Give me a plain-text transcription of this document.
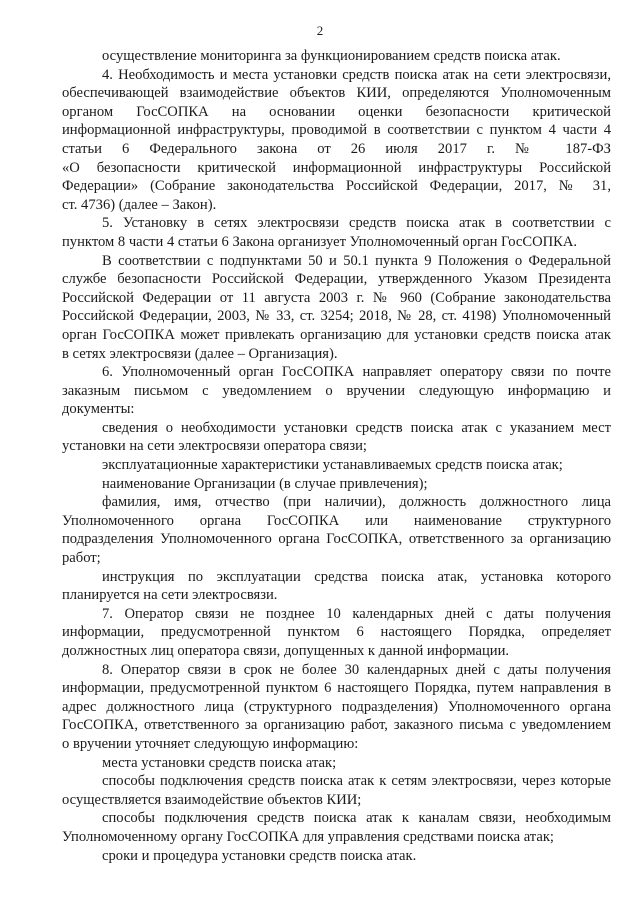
2
осуществление мониторинга за функционированием средств поиска атак.
4. Необходимость и места установки средств поиска атак на сети электросвязи,
обеспечивающей взаимодействие объектов КИИ, определяются Уполномоченным
органом ГосСОПКА на основании оценки безопасности критической
информационной инфраструктуры, проводимой в соответствии с пунктом 4 части 4
статьи 6 Федерального закона от 26 июля 2017 г. № 187-ФЗ
«О безопасности критической информационной инфраструктуры Российской
Федерации» (Собрание законодательства Российской Федерации, 2017, № 31,
ст. 4736) (далее – Закон).
5. Установку в сетях электросвязи средств поиска атак в соответствии с
пунктом 8 части 4 статьи 6 Закона организует Уполномоченный орган ГосСОПКА.
В соответствии с подпунктами 50 и 50.1 пункта 9 Положения о Федеральной
службе безопасности Российской Федерации, утвержденного Указом Президента
Российской Федерации от 11 августа 2003 г. № 960 (Собрание законодательства
Российской Федерации, 2003, № 33, ст. 3254; 2018, № 28, ст. 4198) Уполномоченный
орган ГосСОПКА может привлекать организацию для установки средств поиска атак
в сетях электросвязи (далее – Организация).
6. Уполномоченный орган ГосСОПКА направляет оператору связи по почте
заказным письмом с уведомлением о вручении следующую информацию и
документы:
сведения о необходимости установки средств поиска атак с указанием мест
установки на сети электросвязи оператора связи;
эксплуатационные характеристики устанавливаемых средств поиска атак;
наименование Организации (в случае привлечения);
фамилия, имя, отчество (при наличии), должность должностного лица
Уполномоченного органа ГосСОПКА или наименование структурного
подразделения Уполномоченного органа ГосСОПКА, ответственного за организацию
работ;
инструкция по эксплуатации средства поиска атак, установка которого
планируется на сети электросвязи.
7. Оператор связи не позднее 10 календарных дней с даты получения
информации, предусмотренной пунктом 6 настоящего Порядка, определяет
должностных лиц оператора связи, допущенных к данной информации.
8. Оператор связи в срок не более 30 календарных дней с даты получения
информации, предусмотренной пунктом 6 настоящего Порядка, путем направления в
адрес должностного лица (структурного подразделения) Уполномоченного органа
ГосСОПКА, ответственного за организацию работ, заказного письма с уведомлением
о вручении уточняет следующую информацию:
места установки средств поиска атак;
способы подключения средств поиска атак к сетям электросвязи, через которые
осуществляется взаимодействие объектов КИИ;
способы подключения средств поиска атак к каналам связи, необходимым
Уполномоченному органу ГосСОПКА для управления средствами поиска атак;
сроки и процедура установки средств поиска атак.
